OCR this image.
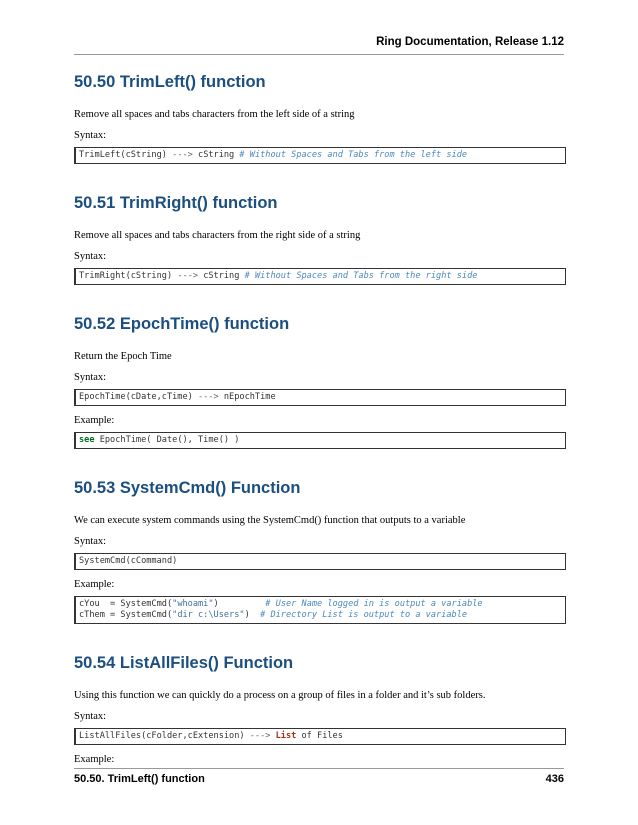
Ring Documentation, Release 1.12
50.50 TrimLeft() function

Remove all spaces and tabs characters from the left side of a string

Syntax:

TrimLeft(cString) ---> cString # Without Spaces and Tabs from the left side
50.51 TrimRight() function

Remove all spaces and tabs characters from the right side of a string

Syntax:

TrimRight(cString) ---> cString # Without Spaces and Tabs from the right side
50.52 EpochTime() function

Return the Epoch Time

Syntax:

EpochTime(cDate,cTime) ---> nEpochTime

Example:

see EpochTime( Date(), Time() )
50.53 SystemCmd() Function

We can execute system commands using the SystemCmd() function that outputs to a variable

Syntax:

SystemCmd(cCommand)

Example:

cYou  = SystemCmd("whoami")         # User Name logged in is output a variable
cThem = SystemCmd("dir c:\Users")  # Directory List is output to a variable
50.54 ListAllFiles() Function

Using this function we can quickly do a process on a group of files in a folder and it’s sub folders.

Syntax:

ListAllFiles(cFolder,cExtension) ---> List of Files

Example:

50.50. TrimLeft() function	436
